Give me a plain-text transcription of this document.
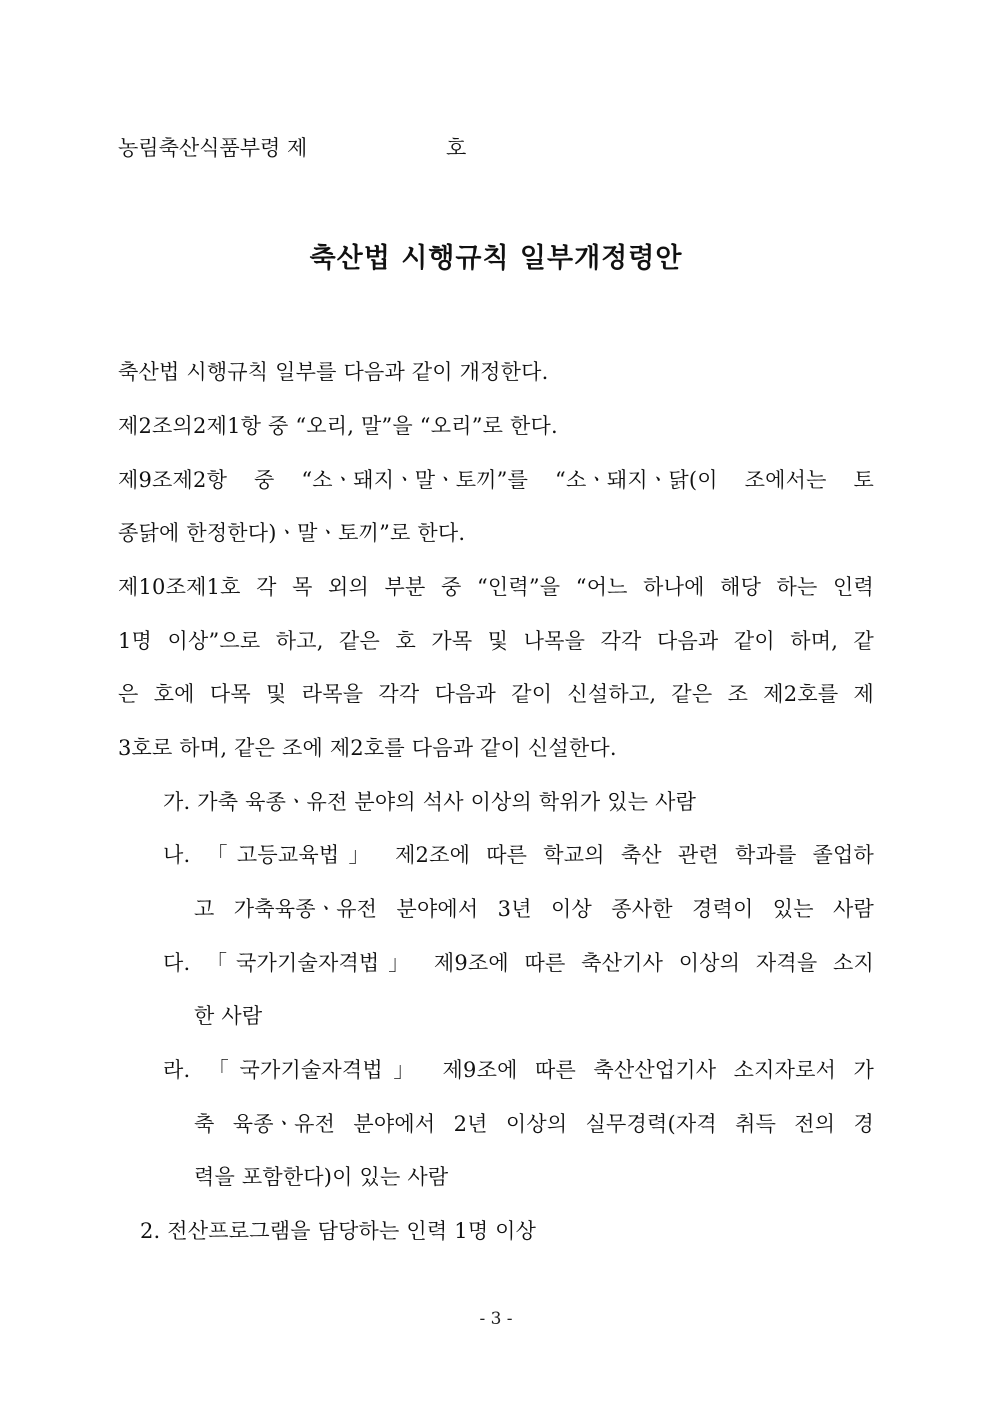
농림축산식품부령 제	호
축산법 시행규칙 일부개정령안
축산법 시행규칙 일부를 다음과 같이 개정한다.
제2조의2제1항 중 “오리, 말”을 “오리”로 한다.
제9조제2항 중 “소ㆍ돼지ㆍ말ㆍ토끼”를 “소ㆍ돼지ㆍ닭(이 조에서는 토
종닭에 한정한다)ㆍ말ㆍ토끼”로 한다.
제10조제1호 각 목 외의 부분 중 “인력”을 “어느 하나에 해당 하는 인력
1명 이상”으로 하고, 같은 호 가목 및 나목을 각각 다음과 같이 하며, 같
은 호에 다목 및 라목을 각각 다음과 같이 신설하고, 같은 조 제2호를 제
3호로 하며, 같은 조에 제2호를 다음과 같이 신설한다.
가. 가축 육종ㆍ유전 분야의 석사 이상의 학위가 있는 사람
나. 「고등교육법」 제2조에 따른 학교의 축산 관련 학과를 졸업하
고 가축육종ㆍ유전 분야에서 3년 이상 종사한 경력이 있는 사람
다. 「국가기술자격법」 제9조에 따른 축산기사 이상의 자격을 소지
한 사람
라. 「국가기술자격법」 제9조에 따른 축산산업기사 소지자로서 가
축 육종ㆍ유전 분야에서 2년 이상의 실무경력(자격 취득 전의 경
력을 포함한다)이 있는 사람
2. 전산프로그램을 담당하는 인력 1명 이상
- 3 -
